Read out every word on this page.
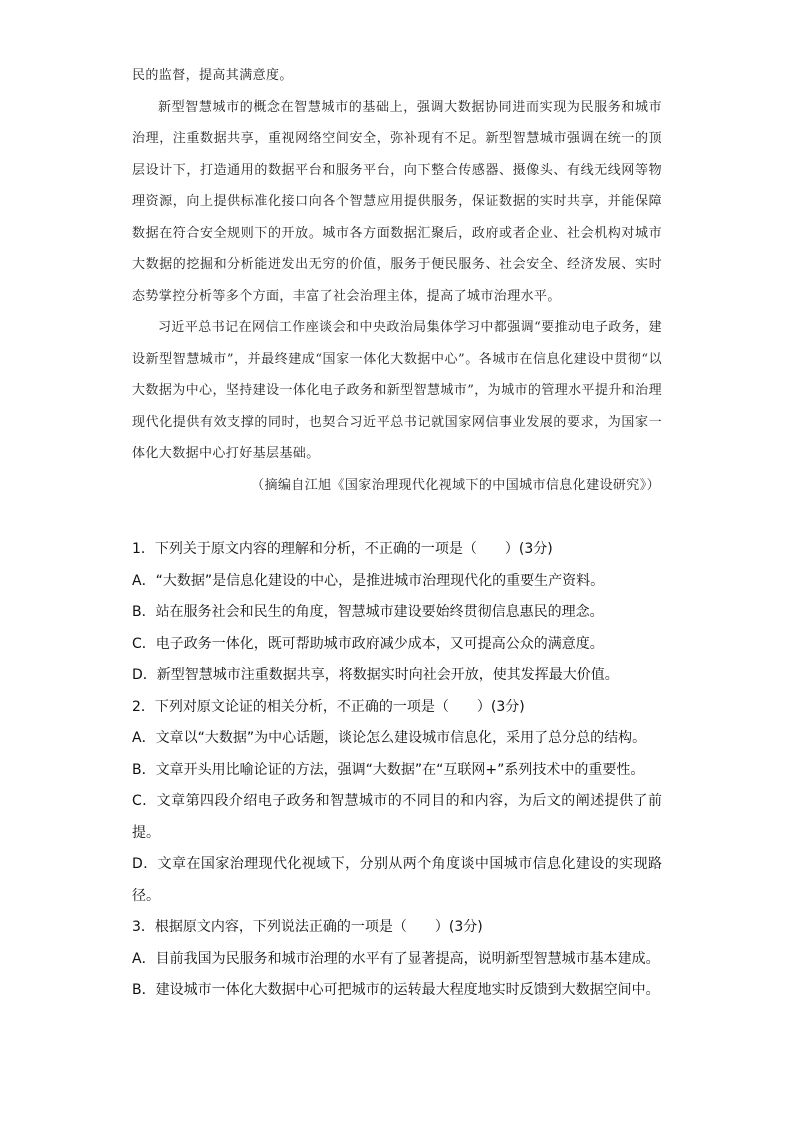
民的监督，提高其满意度。

新型智慧城市的概念在智慧城市的基础上，强调大数据协同进而实现为民服务和城市治理，注重数据共享，重视网络空间安全，弥补现有不足。新型智慧城市强调在统一的顶层设计下，打造通用的数据平台和服务平台，向下整合传感器、摄像头、有线无线网等物理资源，向上提供标准化接口向各个智慧应用提供服务，保证数据的实时共享，并能保障数据在符合安全规则下的开放。城市各方面数据汇聚后，政府或者企业、社会机构对城市大数据的挖掘和分析能迸发出无穷的价值，服务于便民服务、社会安全、经济发展、实时态势掌控分析等多个方面，丰富了社会治理主体，提高了城市治理水平。

习近平总书记在网信工作座谈会和中央政治局集体学习中都强调“要推动电子政务，建设新型智慧城市”，并最终建成“国家一体化大数据中心”。各城市在信息化建设中贯彻“以大数据为中心，坚持建设一体化电子政务和新型智慧城市”，为城市的管理水平提升和治理现代化提供有效支撑的同时，也契合习近平总书记就国家网信事业发展的要求，为国家一体化大数据中心打好基层基础。

（摘编自江旭《国家治理现代化视域下的中国城市信息化建设研究》）

1．下列关于原文内容的理解和分析，不正确的一项是（　　）(3分)

A．“大数据”是信息化建设的中心，是推进城市治理现代化的重要生产资料。

B．站在服务社会和民生的角度，智慧城市建设要始终贯彻信息惠民的理念。

C．电子政务一体化，既可帮助城市政府减少成本，又可提高公众的满意度。

D．新型智慧城市注重数据共享，将数据实时向社会开放，使其发挥最大价值。

2．下列对原文论证的相关分析，不正确的一项是（　　）(3分)

A．文章以“大数据”为中心话题，谈论怎么建设城市信息化，采用了总分总的结构。

B．文章开头用比喻论证的方法，强调“大数据”在“互联网+”系列技术中的重要性。

C．文章第四段介绍电子政务和智慧城市的不同目的和内容，为后文的阐述提供了前提。

D．文章在国家治理现代化视域下，分别从两个角度谈中国城市信息化建设的实现路径。

3．根据原文内容，下列说法正确的一项是（　　）(3分)

A．目前我国为民服务和城市治理的水平有了显著提高，说明新型智慧城市基本建成。

B．建设城市一体化大数据中心可把城市的运转最大程度地实时反馈到大数据空间中。
